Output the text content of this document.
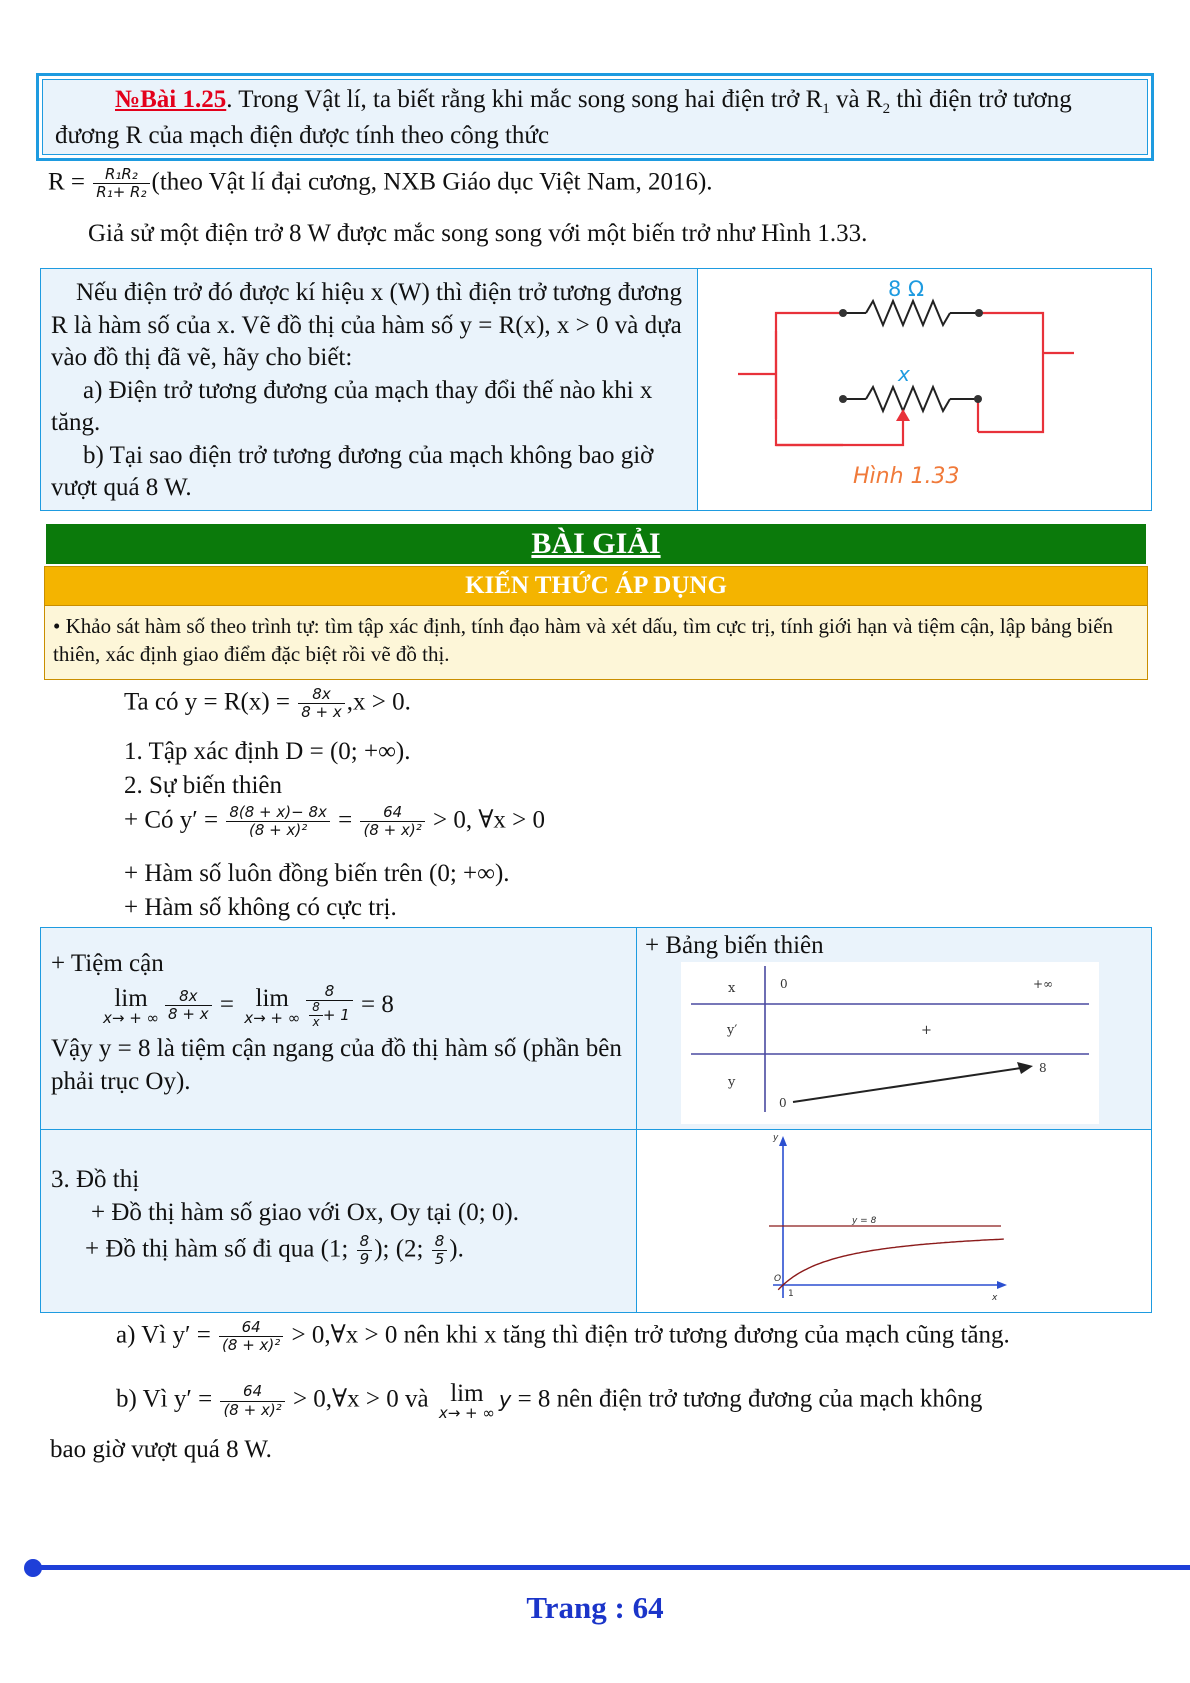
№Bài 1.25. Trong Vật lí, ta biết rằng khi mắc song song hai điện trở $R_1$ và $R_2$ thì điện trở tương đương R của mạch điện được tính theo công thức
$R = \frac{\text{R₁R₂}}{\text{R₁+ R₂}}$ (theo Vật lí đại cương, NXB Giáo dục Việt Nam, 2016).
Giả sử một điện trở 8 W được mắc song song với một biến trở như Hình 1.33.
Nếu điện trở đó được kí hiệu x (W) thì điện trở tương đương R là hàm số của x. Vẽ đồ thị của hàm số y = R(x), x > 0 và dựa vào đồ thị đã vẽ, hãy cho biết:
a) Điện trở tương đương của mạch thay đổi thế nào khi x tăng.
b) Tại sao điện trở tương đương của mạch không bao giờ vượt quá 8 W.
8 Ω
x
Hình 1.33
BÀI GIẢI
KIẾN THỨC ÁP DỤNG
• Khảo sát hàm số theo trình tự: tìm tập xác định, tính đạo hàm và xét dấu, tìm cực trị, tính giới hạn và tiệm cận, lập bảng biến thiên, xác định giao điểm đặc biệt rồi vẽ đồ thị.
Ta có $y = R(x) = \frac{8x}{8 + x} ,x > 0$.
1. Tập xác định D = (0; +∞).
2. Sự biến thiên
+ Có $y' = \frac{8(8 + x)- 8x}{\text{(8 + x)²}} = \frac{64}{\text{(8 + x)²}} > 0$, ∀x > 0
+ Hàm số luôn đồng biến trên (0; +∞).
+ Hàm số không có cực trị.
+ Tiệm cận
lim
x→ + ∞ $\frac{8x}{8 + x} = \lim$
x→ + ∞ $\frac{8}{\frac{8}{x} + 1} = 8$
Vậy y = 8 là tiệm cận ngang của đồ thị hàm số (phần bên phải trục Oy).
+ Bảng biến thiên
x
y′
y
0	+∞
+
0
8
3. Đồ thị
+ Đồ thị hàm số giao với Ox, Oy tại (0; 0).
+ Đồ thị hàm số đi qua (1; $\frac{8}{9}$ ); (2; $\frac{8}{5}$ ).
y
x
y = 8
O
1
a) Vì $y' = \frac{64}{\text{(8 + x)²}}$ > 0,∀x > 0 nên khi x tăng thì điện trở tương đương của mạch cũng tăng.
b) Vì $y' = \frac{64}{\text{(8 + x)²}}$ > 0,∀x > 0 và lim
x→ + ∞
y = 8 nên điện trở tương đương của mạch không
bao giờ vượt quá 8 W.
Trang : 64
